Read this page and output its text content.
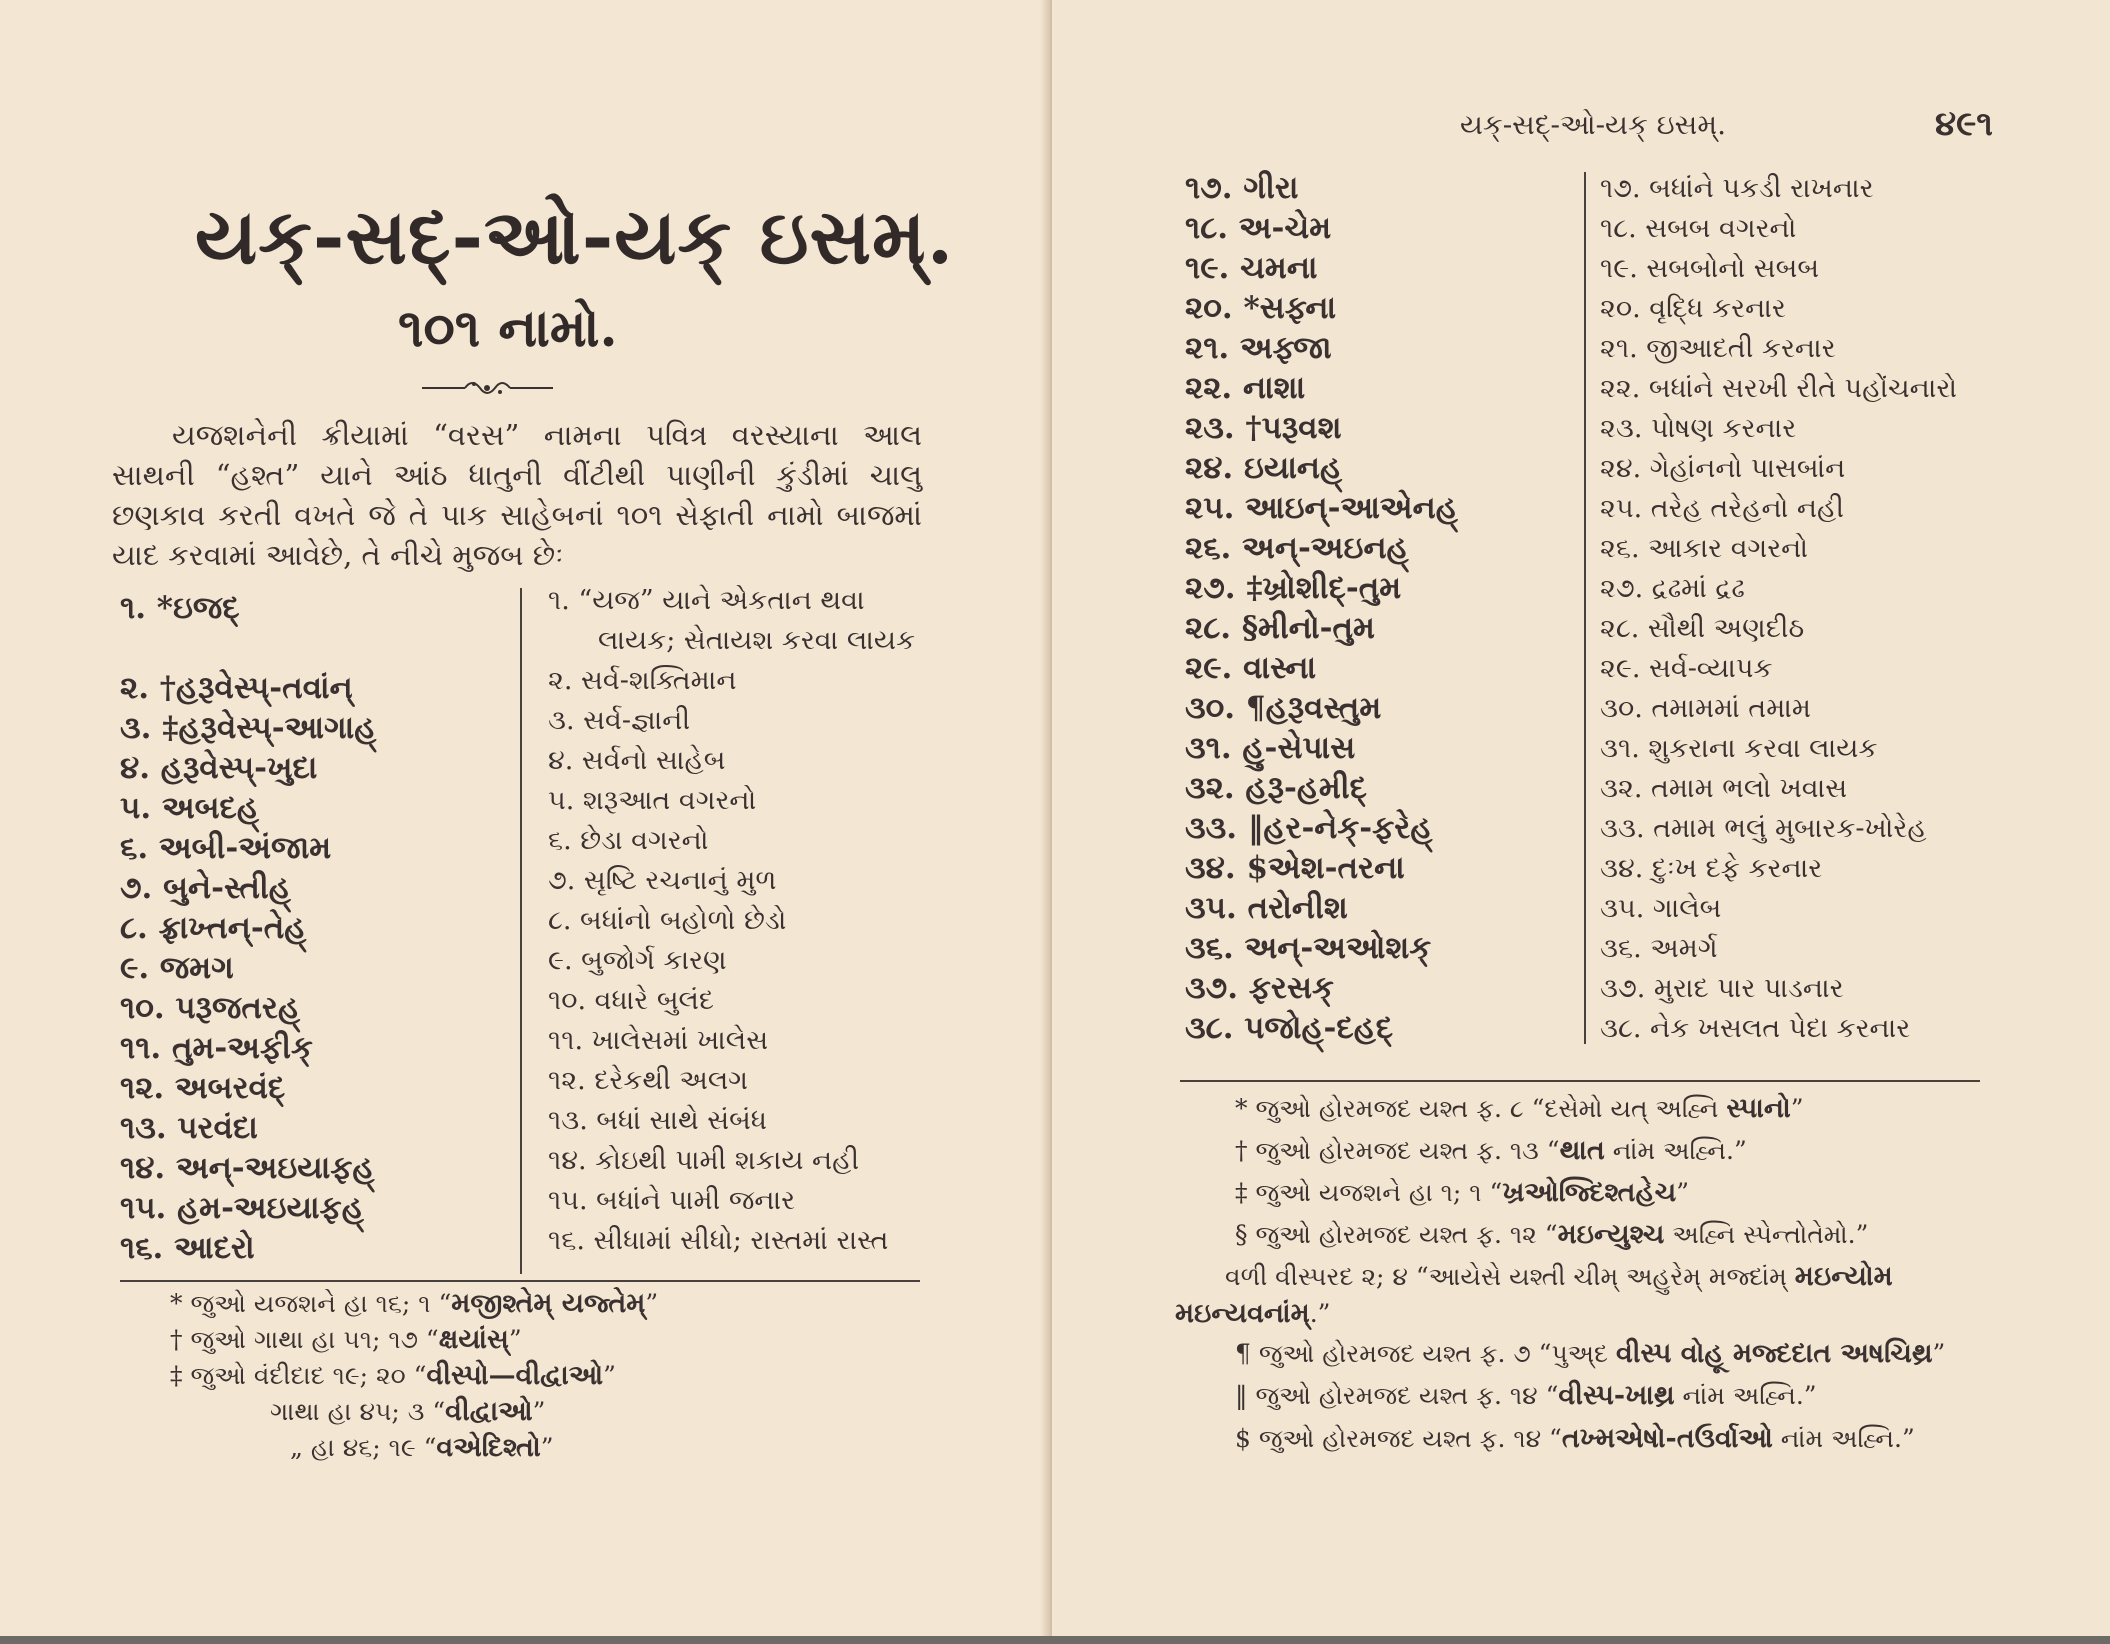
યક્-સદ્-ઓ-યક્ ઇસમ્.
૧૦૧ નામો.
યજશનેની ક્રીયામાં “વરસ” નામના પવિત્ર વરસ્યાના આલ સાથની “હશ્ત” યાને આંઠ ધાતુની વીંટીથી પાણીની કુંડીમાં ચાલુ છણકાવ કરતી વખતે જે તે પાક સાહેબનાં ૧૦૧ સેફાતી નામો બાજમાં યાદ કરવામાં આવેછે, તે નીચે મુજબ છેઃ
૧. *ઇજદ્
૨. †હરૂવેસ્પ્-તવાંન્
૩. ‡હરૂવેસ્પ્-આગાહ્
૪. હરૂવેસ્પ્-ખુદા
૫. અબદહ્
૬. અબી-અંજામ
૭. બુને-સ્તીહ્
૮. ફ્રાખ્તન્-તેહ્
૯. જમગ
૧૦. પરૂજતરહ્
૧૧. તુમ-અફીક્
૧૨. અબરવંદ્
૧૩. પરવંદા
૧૪. અન્-અઇયાફહ્
૧૫. હમ-અઇયાફહ્
૧૬. આદરો
૧. “યજ” યાને એકતાન થવા
લાયક; સેતાયશ કરવા લાયક
૨. સર્વ-શક્તિમાન
૩. સર્વ-જ્ઞાની
૪. સર્વનો સાહેબ
૫. શરૂઆત વગરનો
૬. છેડા વગરનો
૭. સૃષ્ટિ રચનાનું મુળ
૮. બધાંનો બહોળો છેડો
૯. બુજોર્ગ કારણ
૧૦. વધારે બુલંદ
૧૧. ખાલેસમાં ખાલેસ
૧૨. દરેકથી અલગ
૧૩. બધાં સાથે સંબંધ
૧૪. કોઇથી પામી શકાય નહી
૧૫. બધાંને પામી જનાર
૧૬. સીધામાં સીધો; રાસ્તમાં રાસ્ત
* જુઓ યજશને હા ૧૬; ૧ “મજીશ્તેમ્ યજ્તેમ્”
† જુઓ ગાથા હા ૫૧; ૧૭ “ક્ષયાંસ્”
‡ જુઓ વંદીદાદ ૧૯; ૨૦ “વીસ્પો—વીદ્વાઓ”
ગાથા હા ૪૫; ૩ “વીદ્વાઓ”
„ હા ૪૬; ૧૯ “વએદિશ્તો”
યક્-સદ્-ઓ-યક્ ઇસમ્.	૪૯૧
૧૭. ગીરા
૧૮. અ-ચેમ
૧૯. ચમના
૨૦. *સફ્ના
૨૧. અફ્જા
૨૨. નાશા
૨૩. †પરૂવશ
૨૪. ઇયાનહ્
૨૫. આઇન્-આએનહ્
૨૬. અન્-અઇનહ્
૨૭. ‡ખ્રોશીદ્-તુમ
૨૮. §મીનો-તુમ
૨૯. વાસ્ના
૩૦. ¶હરૂવસ્તુમ
૩૧. હુ-સેપાસ
૩૨. હરૂ-હમીદ્
૩૩. ‖હર-નેક્-ફરેહ્
૩૪. $એશ-તરના
૩૫. તરોનીશ
૩૬. અન્-અઓશક્
૩૭. ફરસક્
૩૮. પજોહ્-દહદ્
૧૭. બધાંને પકડી રાખનાર
૧૮. સબબ વગરનો
૧૯. સબબોનો સબબ
૨૦. વૃદ્ધિ કરનાર
૨૧. જીઆદતી કરનાર
૨૨. બધાંને સરખી રીતે પહોંચનારો
૨૩. પોષણ કરનાર
૨૪. ગેહાંનનો પાસબાંન
૨૫. તરેહ તરેહનો નહી
૨૬. આકાર વગરનો
૨૭. દ્રઢમાં દ્રઢ
૨૮. સૌથી અણદીઠ
૨૯. સર્વ-વ્યાપક
૩૦. તમામમાં તમામ
૩૧. શુકરાના કરવા લાયક
૩૨. તમામ ભલો ખવાસ
૩૩. તમામ ભલું મુબારક-ખોરેહ
૩૪. દુઃખ દફે કરનાર
૩૫. ગાલેબ
૩૬. અમર્ગ
૩૭. મુરાદ પાર પાડનાર
૩૮. નેક ખસલત પેદા કરનાર
* જુઓ હોરમજદ યશ્ત ફ. ૮ “દસેમો યત્ અહ્નિ સ્પાનો”
† જુઓ હોરમજદ યશ્ત ફ. ૧૩ “થાત નાંમ અહ્નિ.”
‡ જુઓ યજશને હા ૧; ૧ “ખ્રઓજ્દિશ્તહેચ”
§ જુઓ હોરમજદ યશ્ત ફ. ૧૨ “મઇન્યુશ્ચ અહ્નિ સ્પેન્તોતેમો.”
વળી વીસ્પરદ ૨; ૪ “આયેસે યશ્તી ચીમ્ અહુરેમ્ મજ્દાંમ્ મઇન્યોમ
મઇન્યવનાંમ્.”
¶ જુઓ હોરમજદ યશ્ત ફ. ૭ “પુઅ્દ વીસ્પ વોહૂ મજ્દદાત અષચિથ્ર”
‖ જુઓ હોરમજદ યશ્ત ફ. ૧૪ “વીસ્પ-ખાથ્ર નાંમ અહ્નિ.”
$ જુઓ હોરમજદ યશ્ત ફ. ૧૪ “તખ્મએષો-તઉર્વાઓ નાંમ અહ્નિ.”
